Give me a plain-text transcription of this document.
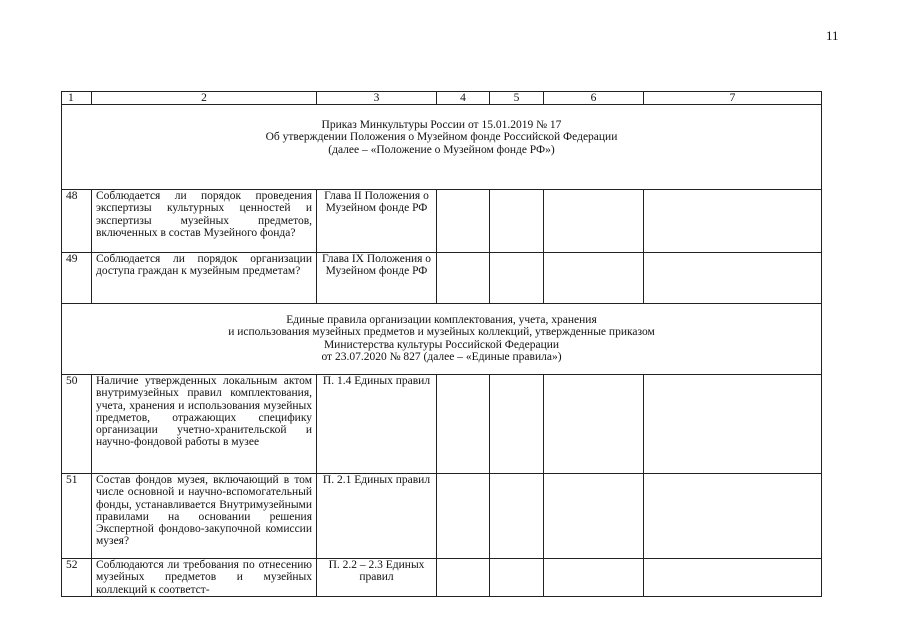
11
1	2	3	4	5	6	7

Приказ Минкультуры России от 15.01.2019 № 17
Об утверждении Положения о Музейном фонде Российской Федерации
(далее – «Положение о Музейном фонде РФ»)						

48	Соблюдается ли порядок проведения экспертизы культурных ценностей и экспертизы музейных предметов, включенных в состав Музейного фонда?	Глава II Положения о Музейном фонде РФ				
49	Соблюдается ли порядок организации доступа граждан к музейным предметам?	Глава IX Положения о Музейном фонде РФ				

Единые правила организации комплектования, учета, хранения
и использования музейных предметов и музейных коллекций, утвержденные приказом
Министерства культуры Российской Федерации
от 23.07.2020 № 827 (далее – «Единые правила»)						

50	Наличие утвержденных локальным актом внутримузейных правил комплектования, учета, хранения и использования музейных предметов, отражающих специфику организации учетно-хранительской и научно-фондовой работы в музее	П. 1.4 Единых правил				
51	Состав фондов музея, включающий в том числе основной и научно-вспомогательный фонды, устанавливается Внутримузейными правилами на основании решения Экспертной фондово-закупочной комиссии музея?	П. 2.1 Единых правил				
52	Соблюдаются ли требования по отнесению музейных предметов и музейных коллекций к соответст-	П. 2.2 – 2.3 Единых правил				
